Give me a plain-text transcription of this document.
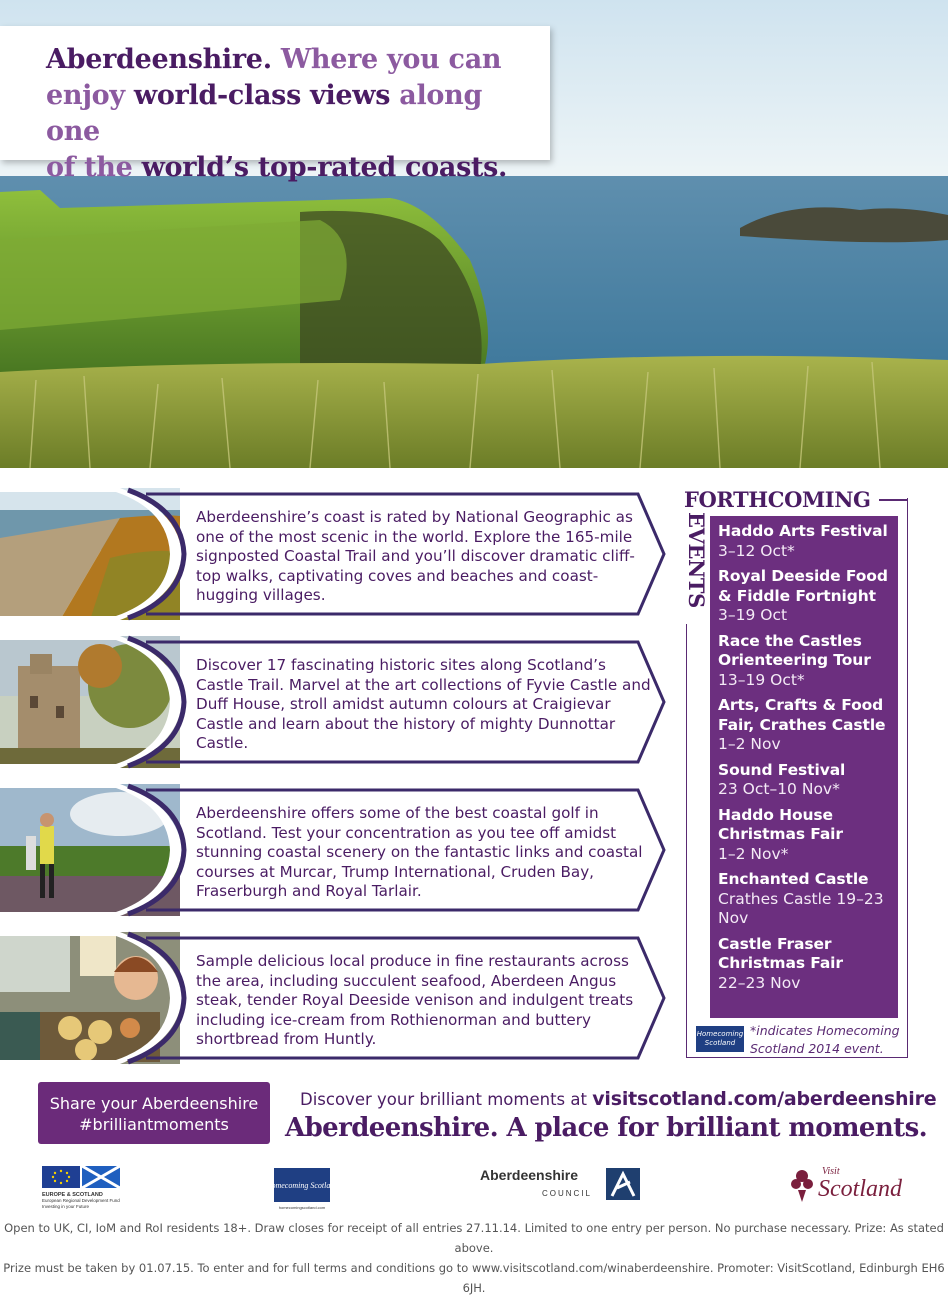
Aberdeenshire. Where you can
enjoy world-class views along one
of the world’s top-rated coasts.
Aberdeenshire’s coast is rated by National Geographic as one of the most scenic in the world. Explore the 165-mile signposted Coastal Trail and you’ll discover dramatic cliff-top walks, captivating coves and beaches and coast-hugging villages.
Discover 17 fascinating historic sites along Scotland’s Castle Trail. Marvel at the art collections of Fyvie Castle and Duff House, stroll amidst autumn colours at Craigievar Castle and learn about the history of mighty Dunnottar Castle.
Aberdeenshire offers some of the best coastal golf in Scotland. Test your concentration as you tee off amidst stunning coastal scenery on the fantastic links and coastal courses at Murcar, Trump International, Cruden Bay, Fraserburgh and Royal Tarlair.
Sample delicious local produce in fine restaurants across the area, including succulent seafood, Aberdeen Angus steak, tender Royal Deeside venison and indulgent treats including ice-cream from Rothienorman and buttery shortbread from Huntly.
FORTHCOMING
EVENTS Haddo Arts Festival
3–12 Oct*
Royal Deeside Food & Fiddle Fortnight
3–19 Oct
Race the Castles Orienteering Tour
13–19 Oct*
Arts, Crafts & Food Fair, Crathes Castle
1–2 Nov
Sound Festival
23 Oct–10 Nov*
Haddo House Christmas Fair
1–2 Nov*
Enchanted Castle
Crathes Castle 19–23 Nov
Castle Fraser Christmas Fair
22–23 Nov
Homecoming Scotland
*indicates Homecoming Scotland 2014 event.
Share your Aberdeenshire
#brilliantmoments
Discover your brilliant moments at visitscotland.com/aberdeenshire
Aberdeenshire. A place for brilliant moments.
EUROPE & SCOTLAND
European Regional Development Fund
Investing in your Future
Homecoming Scotland
homecomingscotland.com
Aberdeenshire
COUNCIL
Visit
Scotland
Open to UK, CI, IoM and RoI residents 18+. Draw closes for receipt of all entries 27.11.14. Limited to one entry per person. No purchase necessary. Prize: As stated above.
Prize must be taken by 01.07.15. To enter and for full terms and conditions go to www.visitscotland.com/winaberdeenshire. Promoter: VisitScotland, Edinburgh EH6 6JH.
